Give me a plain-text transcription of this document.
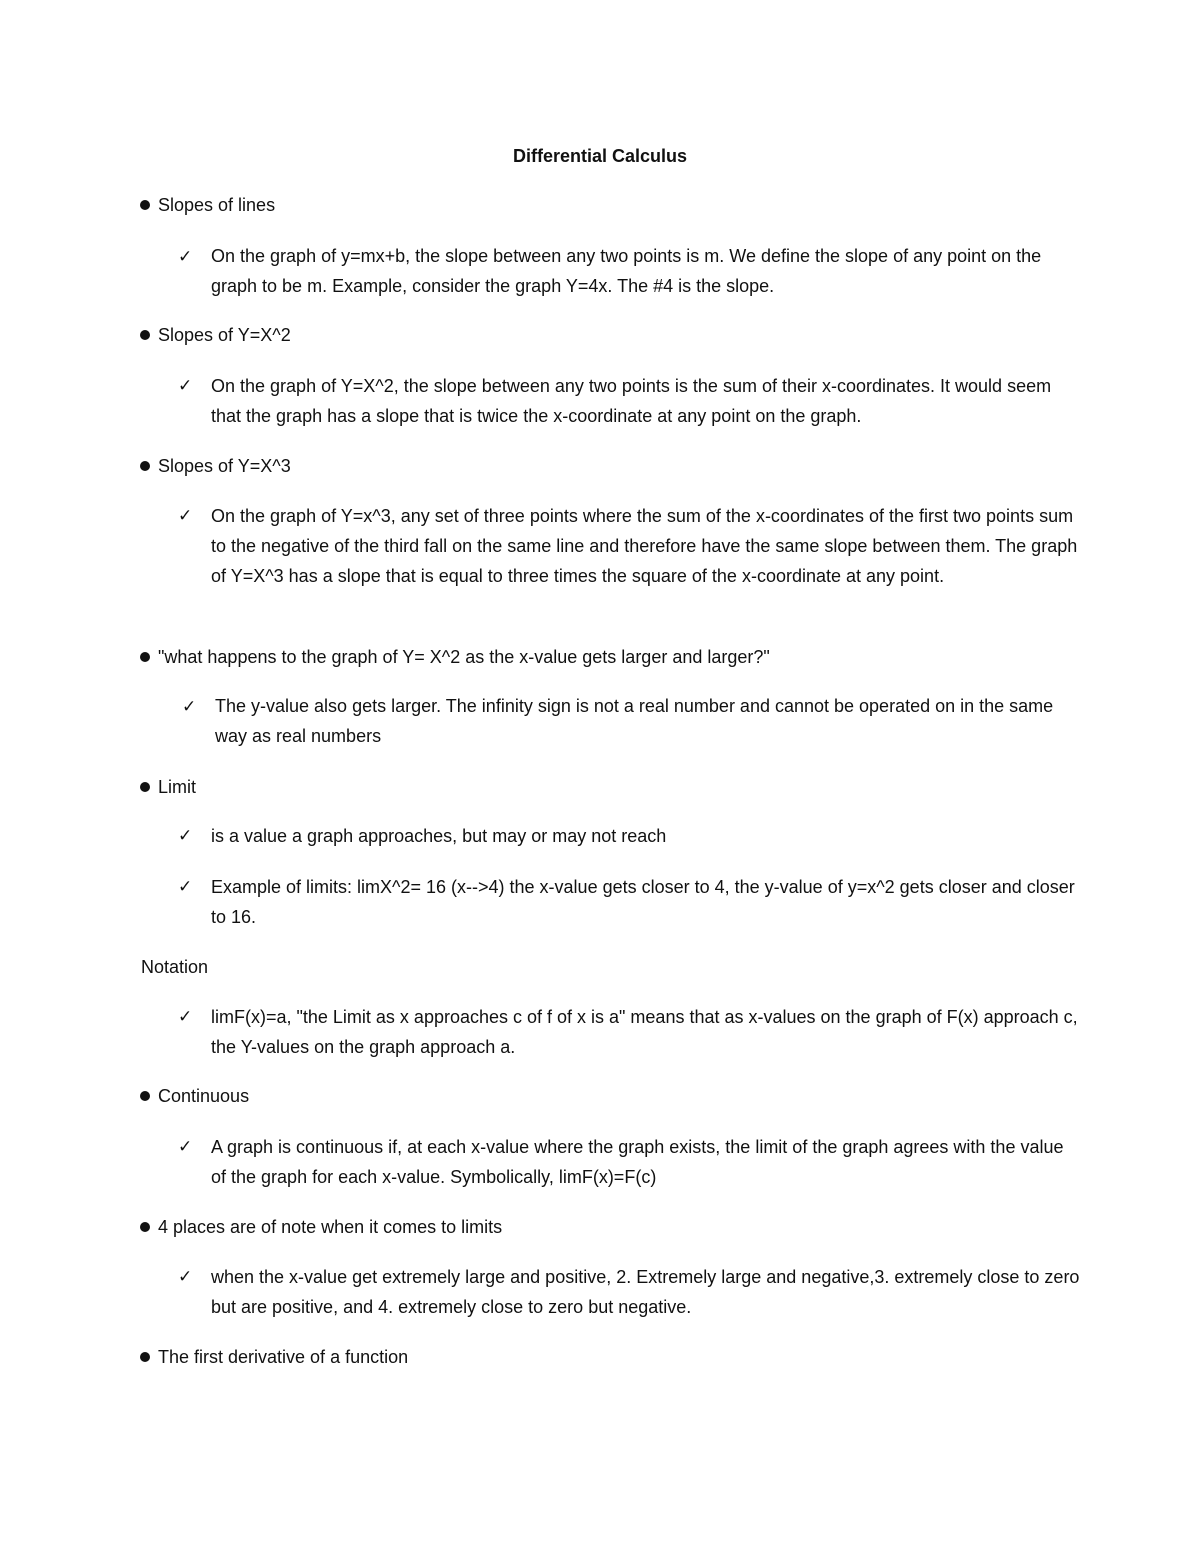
Differential Calculus
Slopes of lines
✓ On the graph of y=mx+b, the slope between any two points is m. We define the slope of any point on the graph to be m. Example, consider the graph Y=4x. The #4 is the slope.
Slopes of Y=X^2
✓ On the graph of Y=X^2, the slope between any two points is the sum of their x-coordinates. It would seem that the graph has a slope that is twice the x-coordinate at any point on the graph.
Slopes of Y=X^3
✓ On the graph of Y=x^3, any set of three points where the sum of the x-coordinates of the first two points sum to the negative of the third fall on the same line and therefore have the same slope between them. The graph of Y=X^3 has a slope that is equal to three times the square of the x-coordinate at any point.
"what happens to the graph of Y= X^2 as the x-value gets larger and larger?"
✓ The y-value also gets larger. The infinity sign is not a real number and cannot be operated on in the same way as real numbers
Limit
✓ is a value a graph approaches, but may or may not reach
✓ Example of limits: limX^2= 16 (x-->4) the x-value gets closer to 4, the y-value of y=x^2 gets closer and closer to 16.
Notation
✓ limF(x)=a, "the Limit as x approaches c of f of x is a" means that as x-values on the graph of F(x) approach c, the Y-values on the graph approach a.
Continuous
✓ A graph is continuous if, at each x-value where the graph exists, the limit of the graph agrees with the value of the graph for each x-value. Symbolically, limF(x)=F(c)
4 places are of note when it comes to limits
✓ when the x-value get extremely large and positive, 2. Extremely large and negative,3. extremely close to zero but are positive, and 4. extremely close to zero but negative.
The first derivative of a function
